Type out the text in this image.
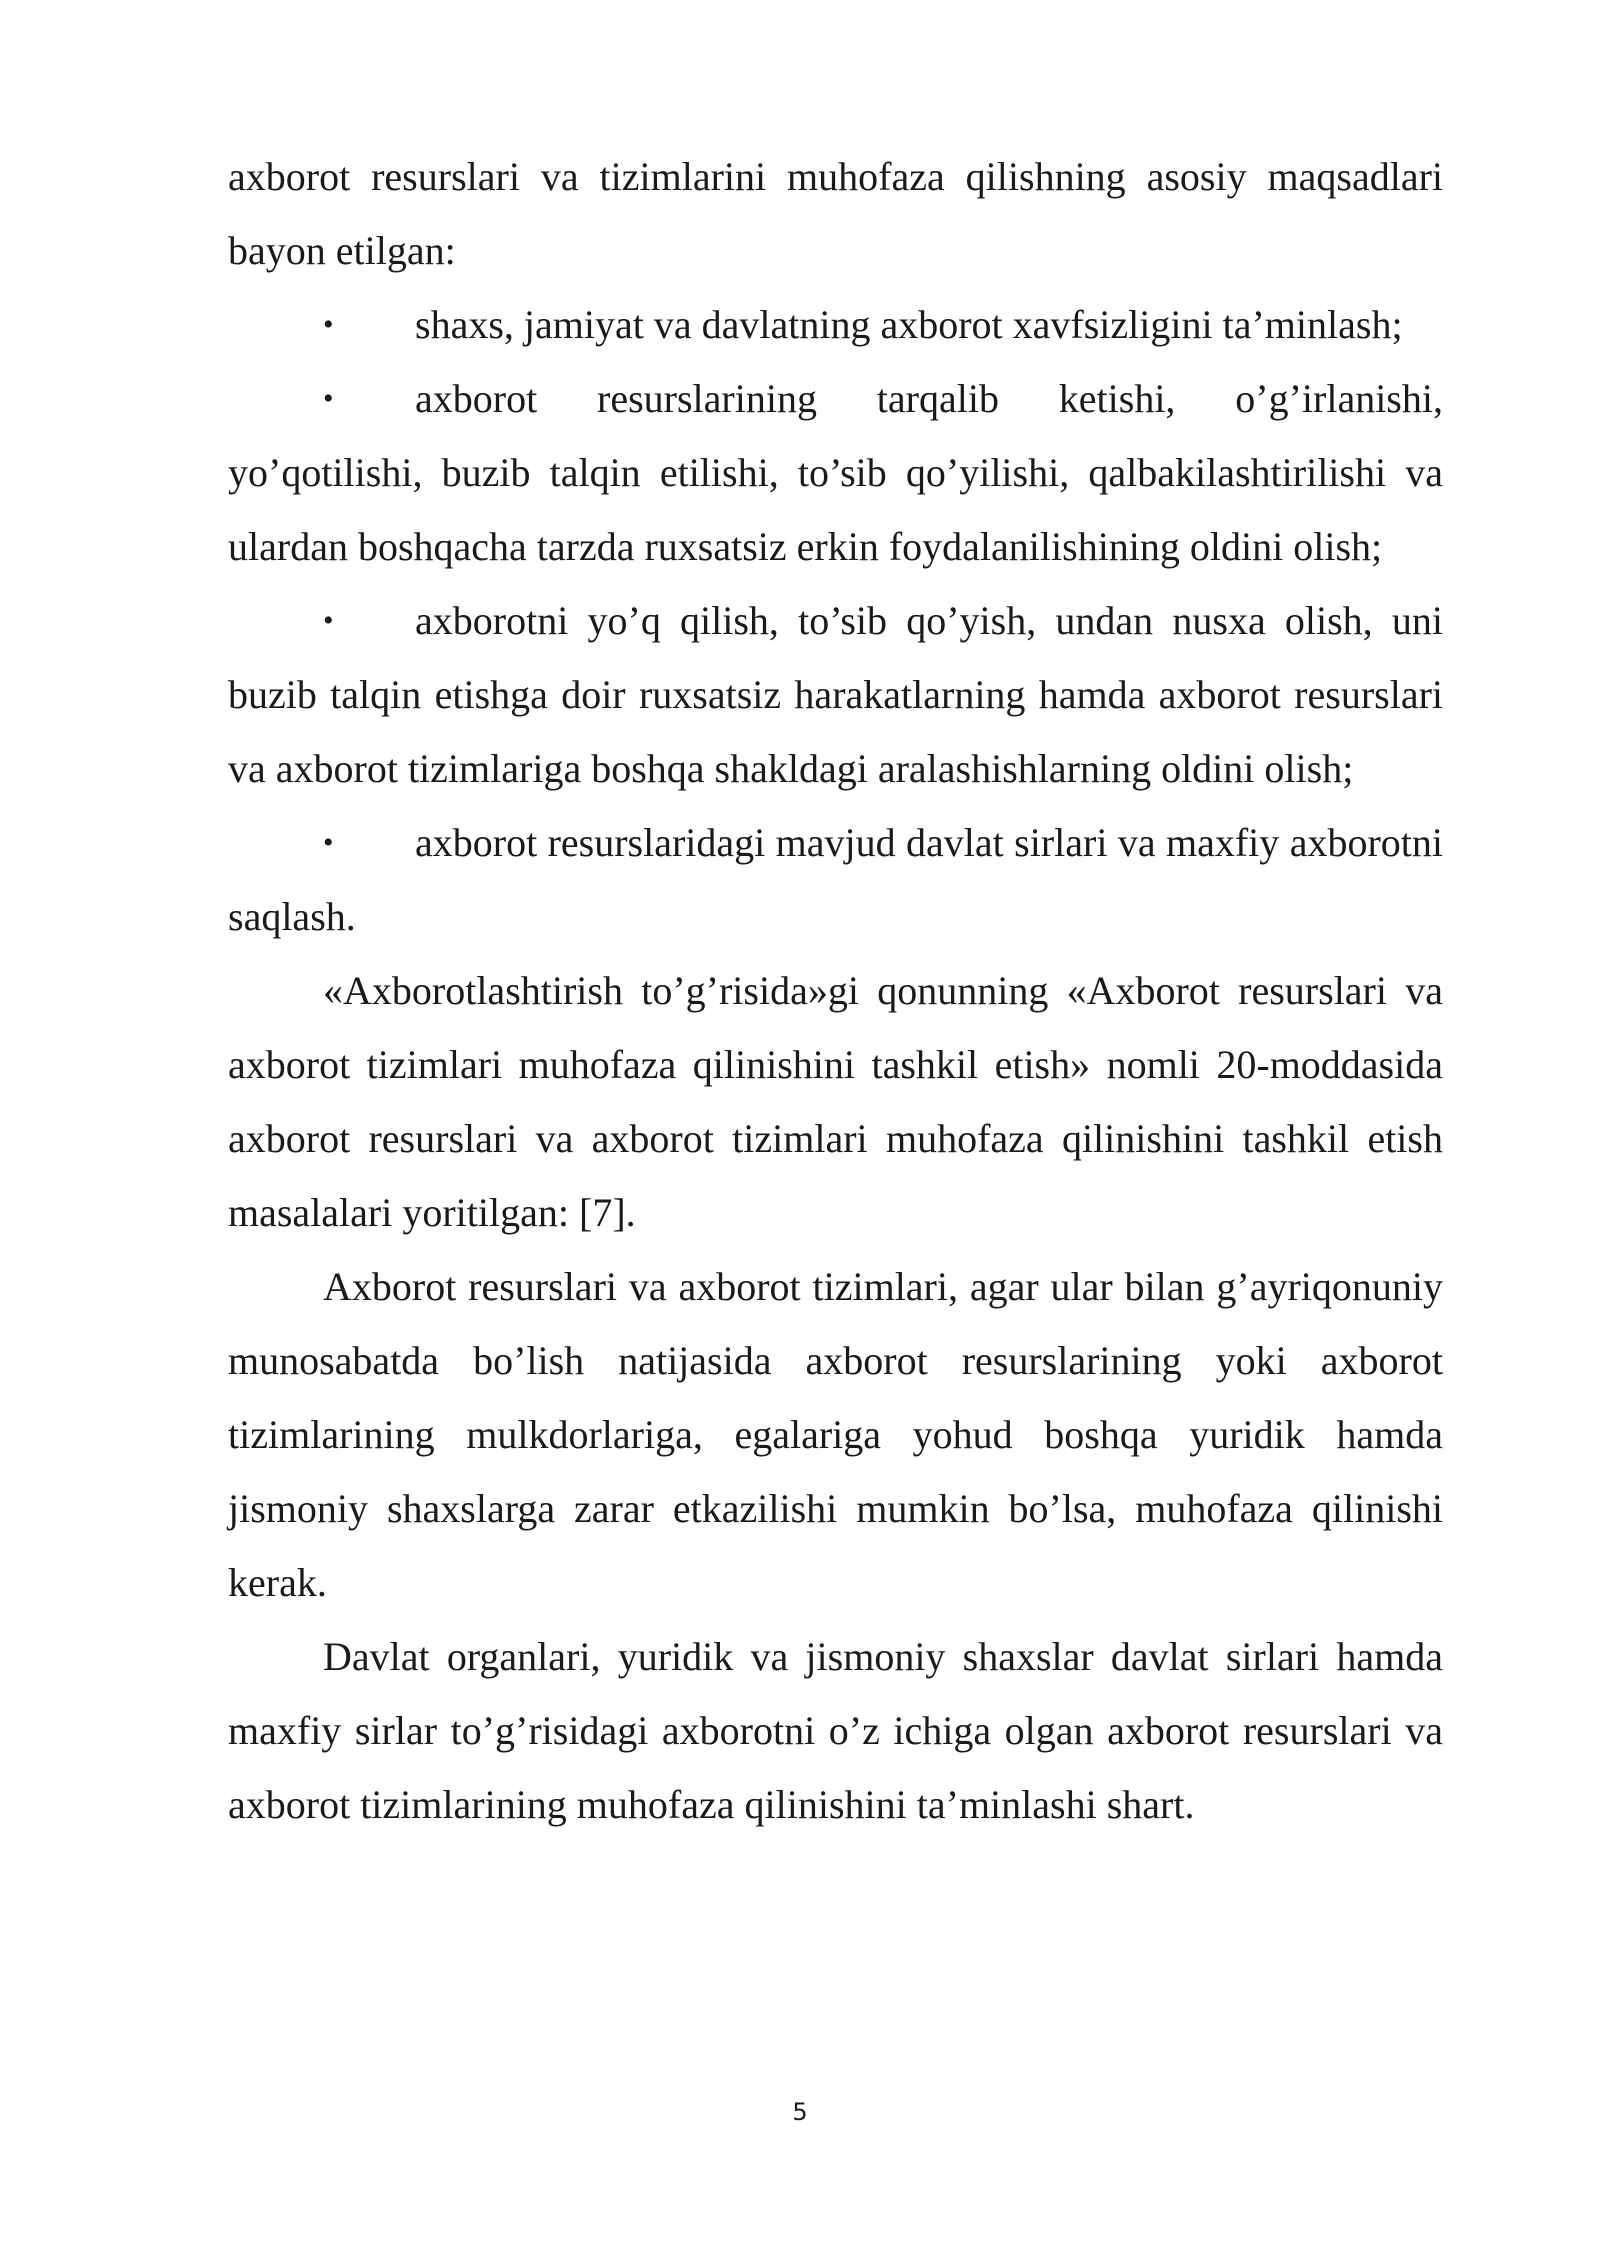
axborot resurslari va tizimlarini muhofaza qilishning asosiy maqsadlari bayon etilgan:

• shaxs, jamiyat va davlatning axborot xavfsizligini ta’minlash;

• axborot resurslarining tarqalib ketishi, o’g’irlanishi, yo’qotilishi, buzib talqin etilishi, to’sib qo’yilishi, qalbakilashtirilishi va ulardan boshqacha tarzda ruxsatsiz erkin foydalanilishining oldini olish;

• axborotni yo’q qilish, to’sib qo’yish, undan nusxa olish, uni buzib talqin etishga doir ruxsatsiz harakatlarning hamda axborot resurslari va axborot tizimlariga boshqa shakldagi aralashishlarning oldini olish;

• axborot resurslaridagi mavjud davlat sirlari va maxfiy axborotni saqlash.

«Axborotlashtirish to’g’risida»gi qonunning «Axborot resurslari va axborot tizimlari muhofaza qilinishini tashkil etish» nomli 20-moddasida axborot resurslari va axborot tizimlari muhofaza qilinishini tashkil etish masalalari yoritilgan: [7].

Axborot resurslari va axborot tizimlari, agar ular bilan g’ayriqonuniy munosabatda bo’lish natijasida axborot resurslarining yoki axborot tizimlarining mulkdorlariga, egalariga yohud boshqa yuridik hamda jismoniy shaxslarga zarar etkazilishi mumkin bo’lsa, muhofaza qilinishi kerak.

Davlat organlari, yuridik va jismoniy shaxslar davlat sirlari hamda maxfiy sirlar to’g’risidagi axborotni o’z ichiga olgan axborot resurslari va axborot tizimlarining muhofaza qilinishini ta’minlashi shart.

5
